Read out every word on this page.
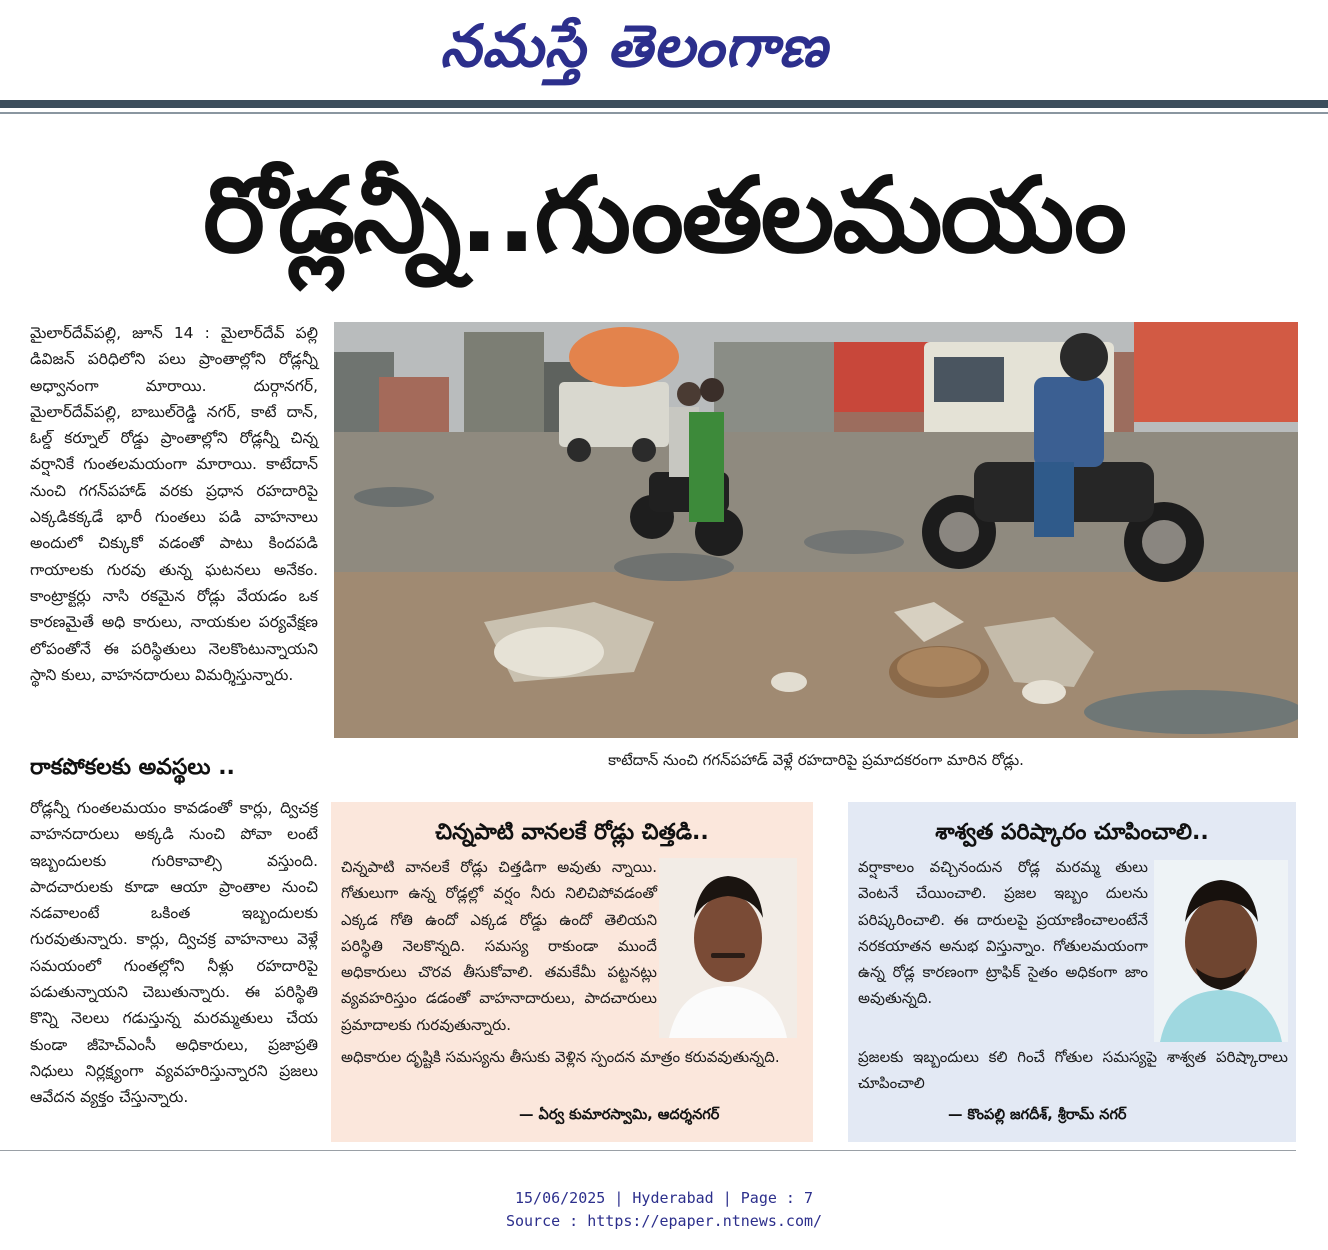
నమస్తే తెలంగాణ
రోడ్లన్నీ..గుంతలమయం

మైలార్‌దేవ్‌పల్లి, జూన్‌ 14 : మైలార్‌దేవ్‌ పల్లి డివిజన్‌ పరిధిలోని పలు ప్రాంతాల్లోని రోడ్లన్నీ అధ్వానంగా మారాయి. దుర్గానగర్‌, మైలార్‌దేవ్‌పల్లి, బాబుల్‌రెడ్డి నగర్‌, కాటే దాన్‌, ఓల్డ్‌ కర్నూల్‌ రోడ్డు ప్రాంతాల్లోని రోడ్లన్నీ చిన్న వర్షానికే గుంతలమయంగా మారాయి. కాటేదాన్‌ నుంచి గగన్‌పహాడ్‌ వరకు ప్రధాన రహదారిపై ఎక్కడికక్కడే భారీ గుంతలు పడి వాహనాలు అందులో చిక్కుకో వడంతో పాటు కిందపడి గాయాలకు గురవు తున్న ఘటనలు అనేకం. కాంట్రాక్టర్లు నాసి రకమైన రోడ్లు వేయడం ఒక కారణమైతే అధి కారులు, నాయకుల పర్యవేక్షణ లోపంతోనే ఈ పరిస్థితులు నెలకొంటున్నాయని స్థాని కులు, వాహనదారులు విమర్శిస్తున్నారు.

రాకపోకలకు అవస్థలు ..

రోడ్లన్నీ గుంతలమయం కావడంతో కార్లు, ద్విచక్ర వాహనదారులు అక్కడి నుంచి పోవా లంటే ఇబ్బందులకు గురికావాల్సి వస్తుంది. పాదచారులకు కూడా ఆయా ప్రాంతాల నుంచి నడవాలంటే ఒకింత ఇబ్బందులకు గురవుతున్నారు. కార్లు, ద్విచక్ర వాహనాలు వెళ్లే సమయంలో గుంతల్లోని నీళ్లు రహదారిపై పడుతున్నాయని చెబుతున్నారు. ఈ పరిస్థితి కొన్ని నెలలు గడుస్తున్న మరమ్మతులు చేయ కుండా జీహెచ్‌ఎంసీ అధికారులు, ప్రజాప్రతి నిధులు నిర్లక్ష్యంగా వ్యవహరిస్తున్నారని ప్రజలు ఆవేదన వ్యక్తం చేస్తున్నారు.

కాటేదాన్‌ నుంచి గగన్‌పహాడ్‌ వెళ్లే రహదారిపై ప్రమాదకరంగా మారిన రోడ్లు.

చిన్నపాటి వానలకే రోడ్లు చిత్తడి..

చిన్నపాటి వానలకే రోడ్లు చిత్తడిగా అవుతు న్నాయి. గోతులుగా ఉన్న రోడ్లల్లో వర్షం నీరు నిలిచిపోవడంతో ఎక్కడ గోతి ఉందో ఎక్కడ రోడ్డు ఉందో తెలియని పరిస్థితి నెలకొన్నది. సమస్య రాకుండా ముందే అధికారులు చొరవ తీసుకోవాలి. తమకేమీ పట్టనట్లు వ్యవహరిస్తుం డడంతో వాహనాదారులు, పాదచారులు ప్రమాదాలకు గురవుతున్నారు.

అధికారుల దృష్టికి సమస్యను తీసుకు వెళ్లిన స్పందన మాత్రం కరువవుతున్నది.

— ఏర్వ కుమారస్వామి, ఆదర్శనగర్‌
శాశ్వత పరిష్కారం చూపించాలి..

వర్షాకాలం వచ్చినందున రోడ్ల మరమ్మ తులు వెంటనే చేయించాలి. ప్రజల ఇబ్బం దులను పరిష్కరించాలి. ఈ దారులపై ప్రయాణించాలంటేనే నరకయాతన అనుభ విస్తున్నాం. గోతులమయంగా ఉన్న రోడ్ల కారణంగా ట్రాఫిక్‌ సైతం అధికంగా జాం అవుతున్నది.

ప్రజలకు ఇబ్బందులు కలి గించే గోతుల సమస్యపై శాశ్వత పరిష్కారాలు చూపించాలి

— కొంపల్లి జగదీశ్‌, శ్రీరామ్‌ నగర్‌
15/06/2025 | Hyderabad | Page : 7
Source : https://epaper.ntnews.com/
